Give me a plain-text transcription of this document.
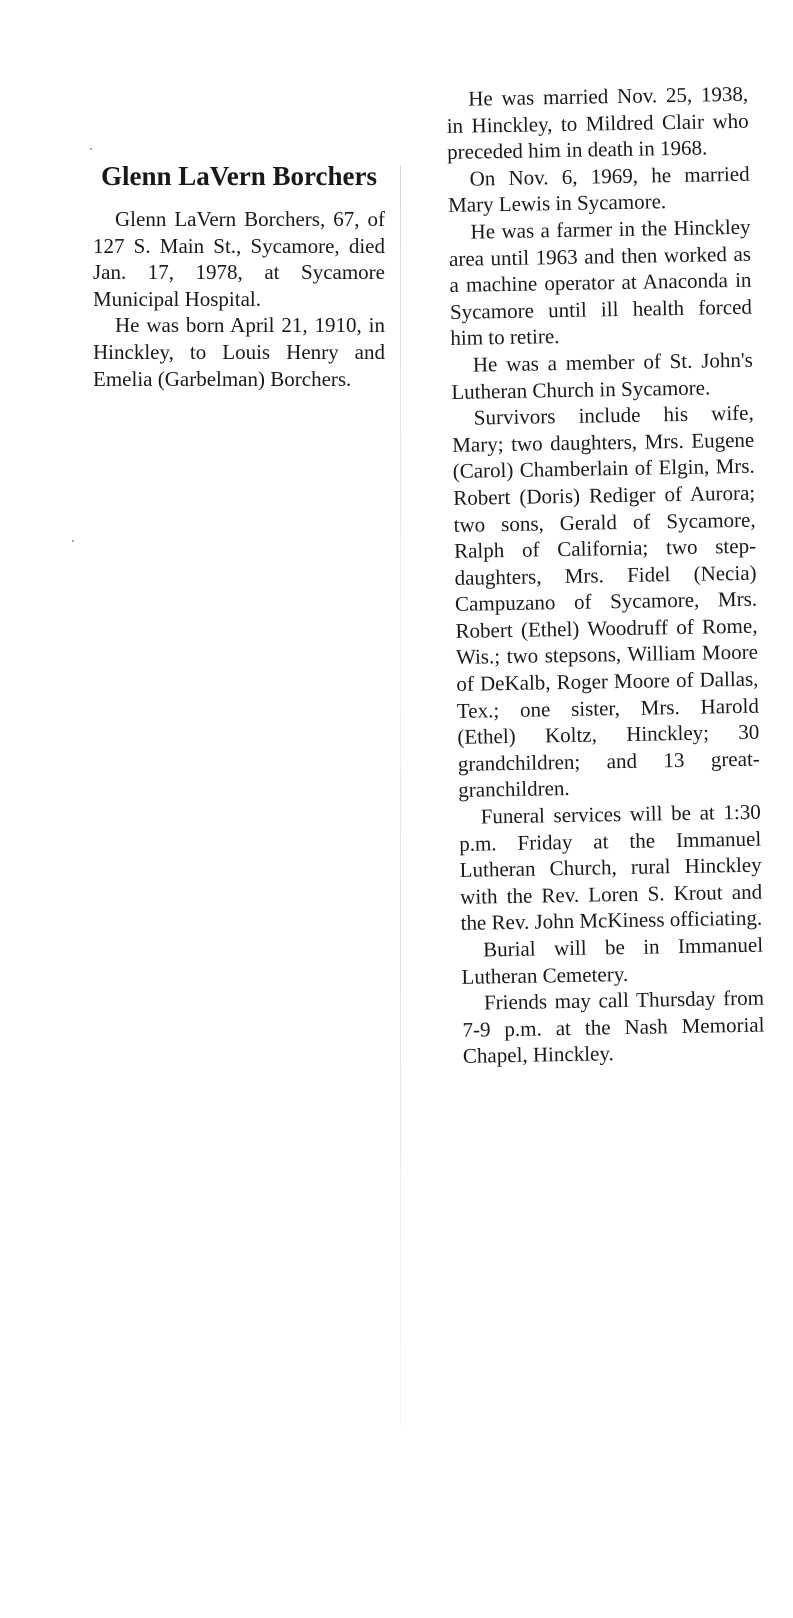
Glenn LaVern Borchers

Glenn LaVern Borchers, 67, of 127 S. Main St., Sycamore, died Jan. 17, 1978, at Sycamore Municipal Hospital.

He was born April 21, 1910, in Hinckley, to Louis Henry and Emelia (Garbelman) Borchers.

He was married Nov. 25, 1938, in Hinckley, to Mildred Clair who preceded him in death in 1968.

On Nov. 6, 1969, he married Mary Lewis in Sycamore.

He was a farmer in the Hinckley area until 1963 and then worked as a machine operator at Anaconda in Sycamore until ill health forced him to retire.

He was a member of St. John's Lutheran Church in Sycamore.

Survivors include his wife, Mary; two daughters, Mrs. Eugene (Carol) Chamberlain of Elgin, Mrs. Robert (Doris) Rediger of Aurora; two sons, Gerald of Sycamore, Ralph of California; two step-daughters, Mrs. Fidel (Necia) Campuzano of Sycamore, Mrs. Robert (Ethel) Woodruff of Rome, Wis.; two stepsons, William Moore of DeKalb, Roger Moore of Dallas, Tex.; one sister, Mrs. Harold (Ethel) Koltz, Hinckley; 30 grandchildren; and 13 great-granchildren.

Funeral services will be at 1:30 p.m. Friday at the Immanuel Lutheran Church, rural Hinckley with the Rev. Loren S. Krout and the Rev. John McKiness officiating.

Burial will be in Immanuel Lutheran Cemetery.

Friends may call Thursday from 7-9 p.m. at the Nash Memorial Chapel, Hinckley.
